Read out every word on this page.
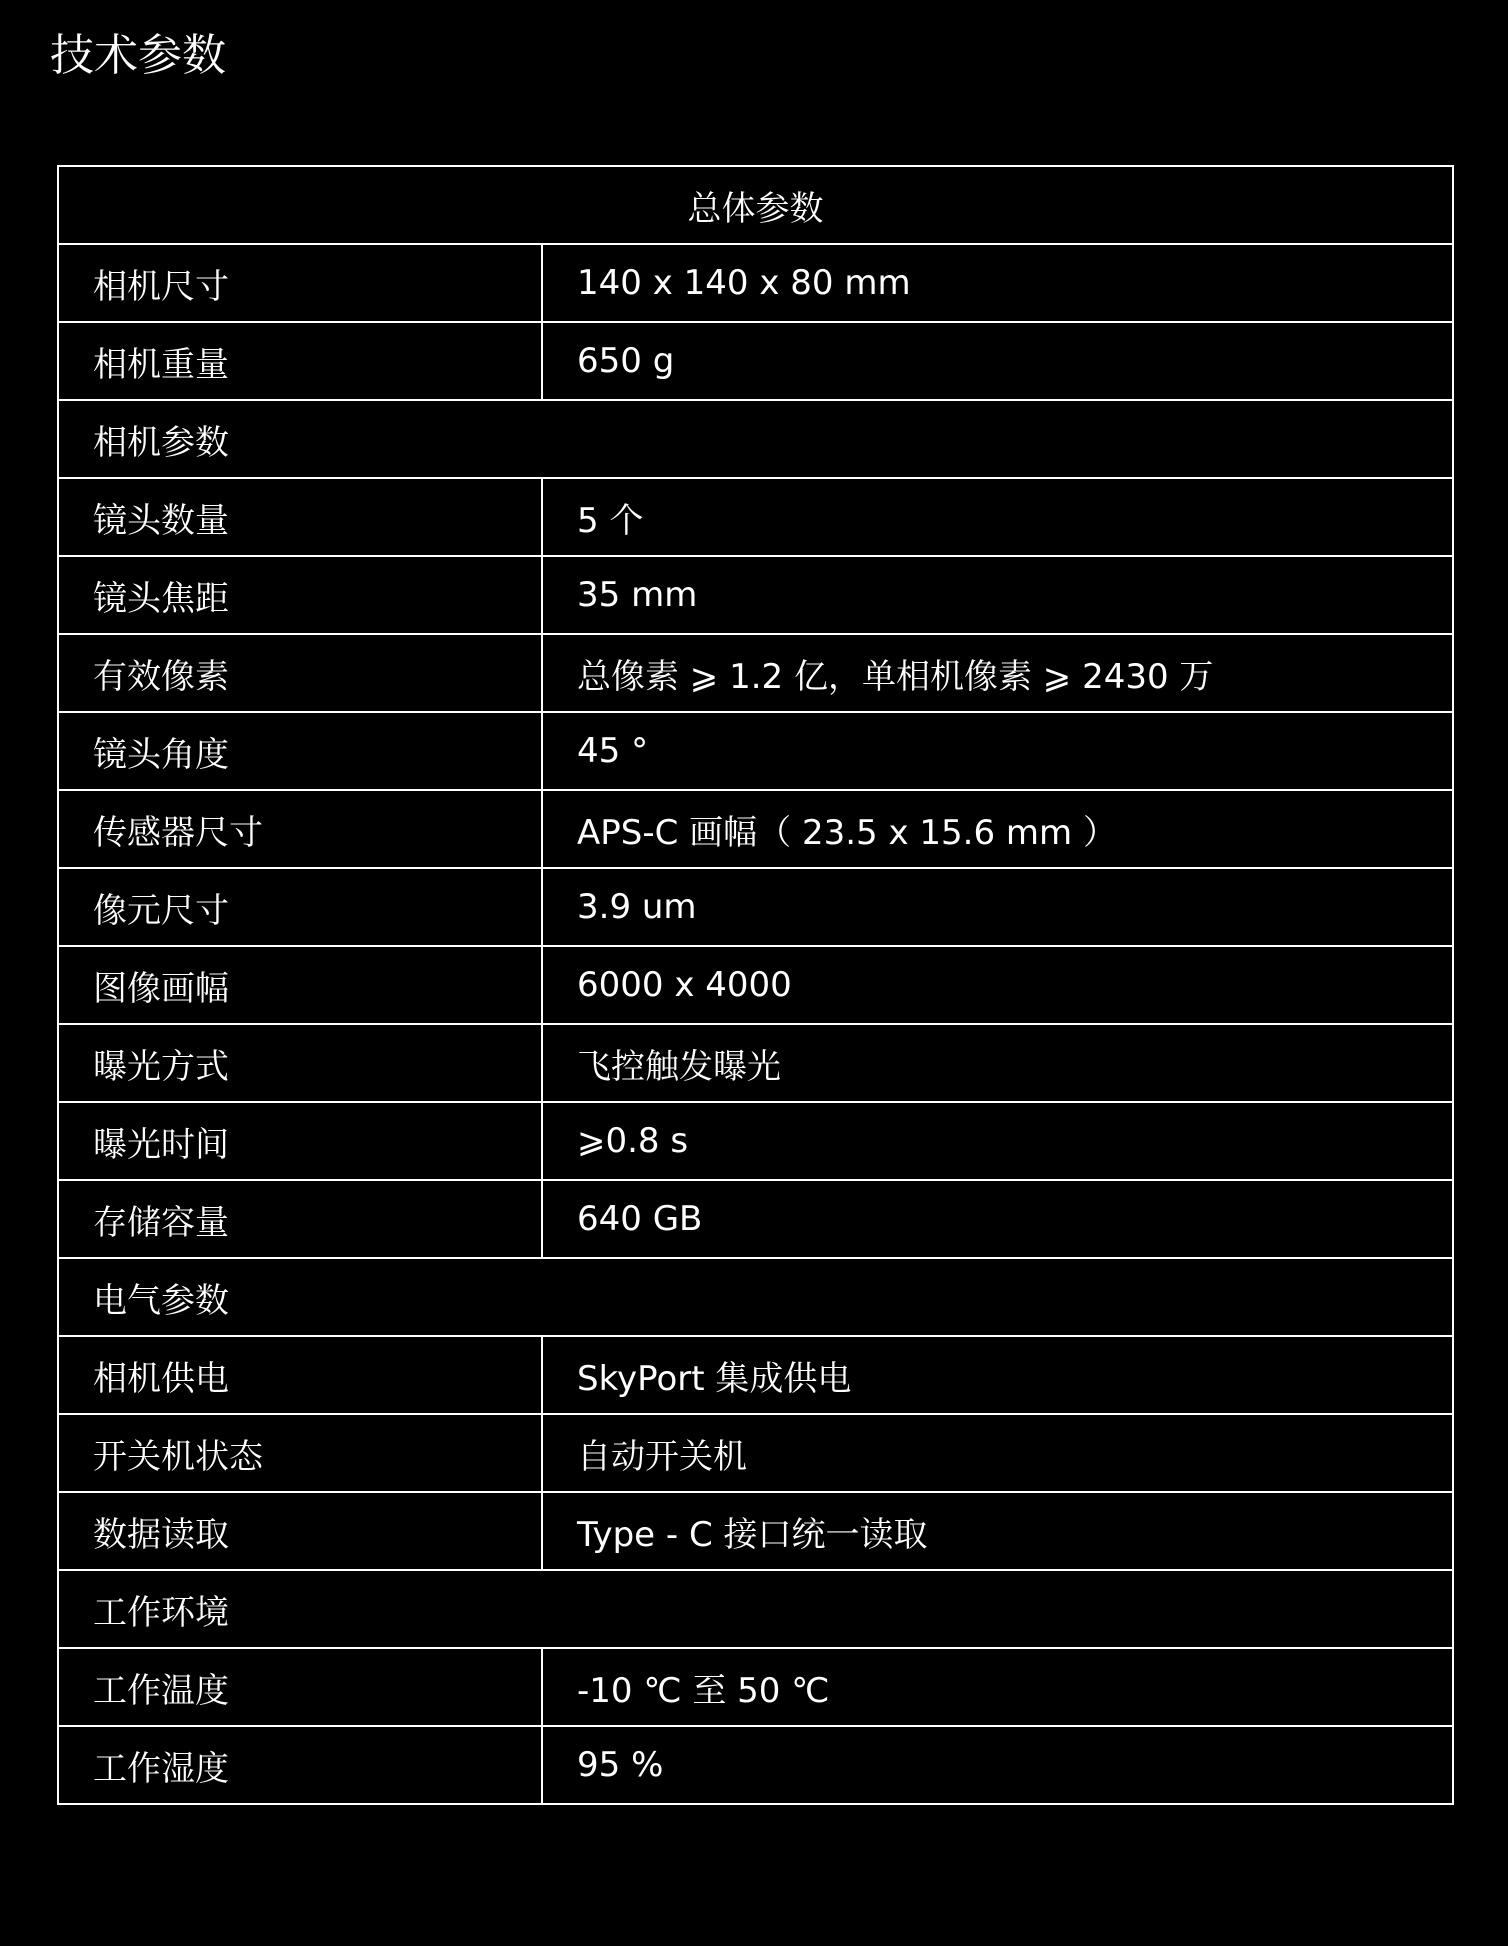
技术参数
总体参数	
相机尺寸	140 x 140 x 80 mm
相机重量	650 g
相机参数	
镜头数量	5 个
镜头焦距	35 mm
有效像素	总像素 ⩾ 1.2 亿，单相机像素 ⩾ 2430 万
镜头角度	45 °
传感器尺寸	APS-C 画幅（ 23.5 x 15.6 mm ）
像元尺寸	3.9 um
图像画幅	6000 x 4000
曝光方式	飞控触发曝光
曝光时间	⩾0.8 s
存储容量	640 GB
电气参数	
相机供电	SkyPort 集成供电
开关机状态	自动开关机
数据读取	Type - C 接口统一读取
工作环境	
工作温度	-10 ℃ 至 50 ℃
工作湿度	95 %
